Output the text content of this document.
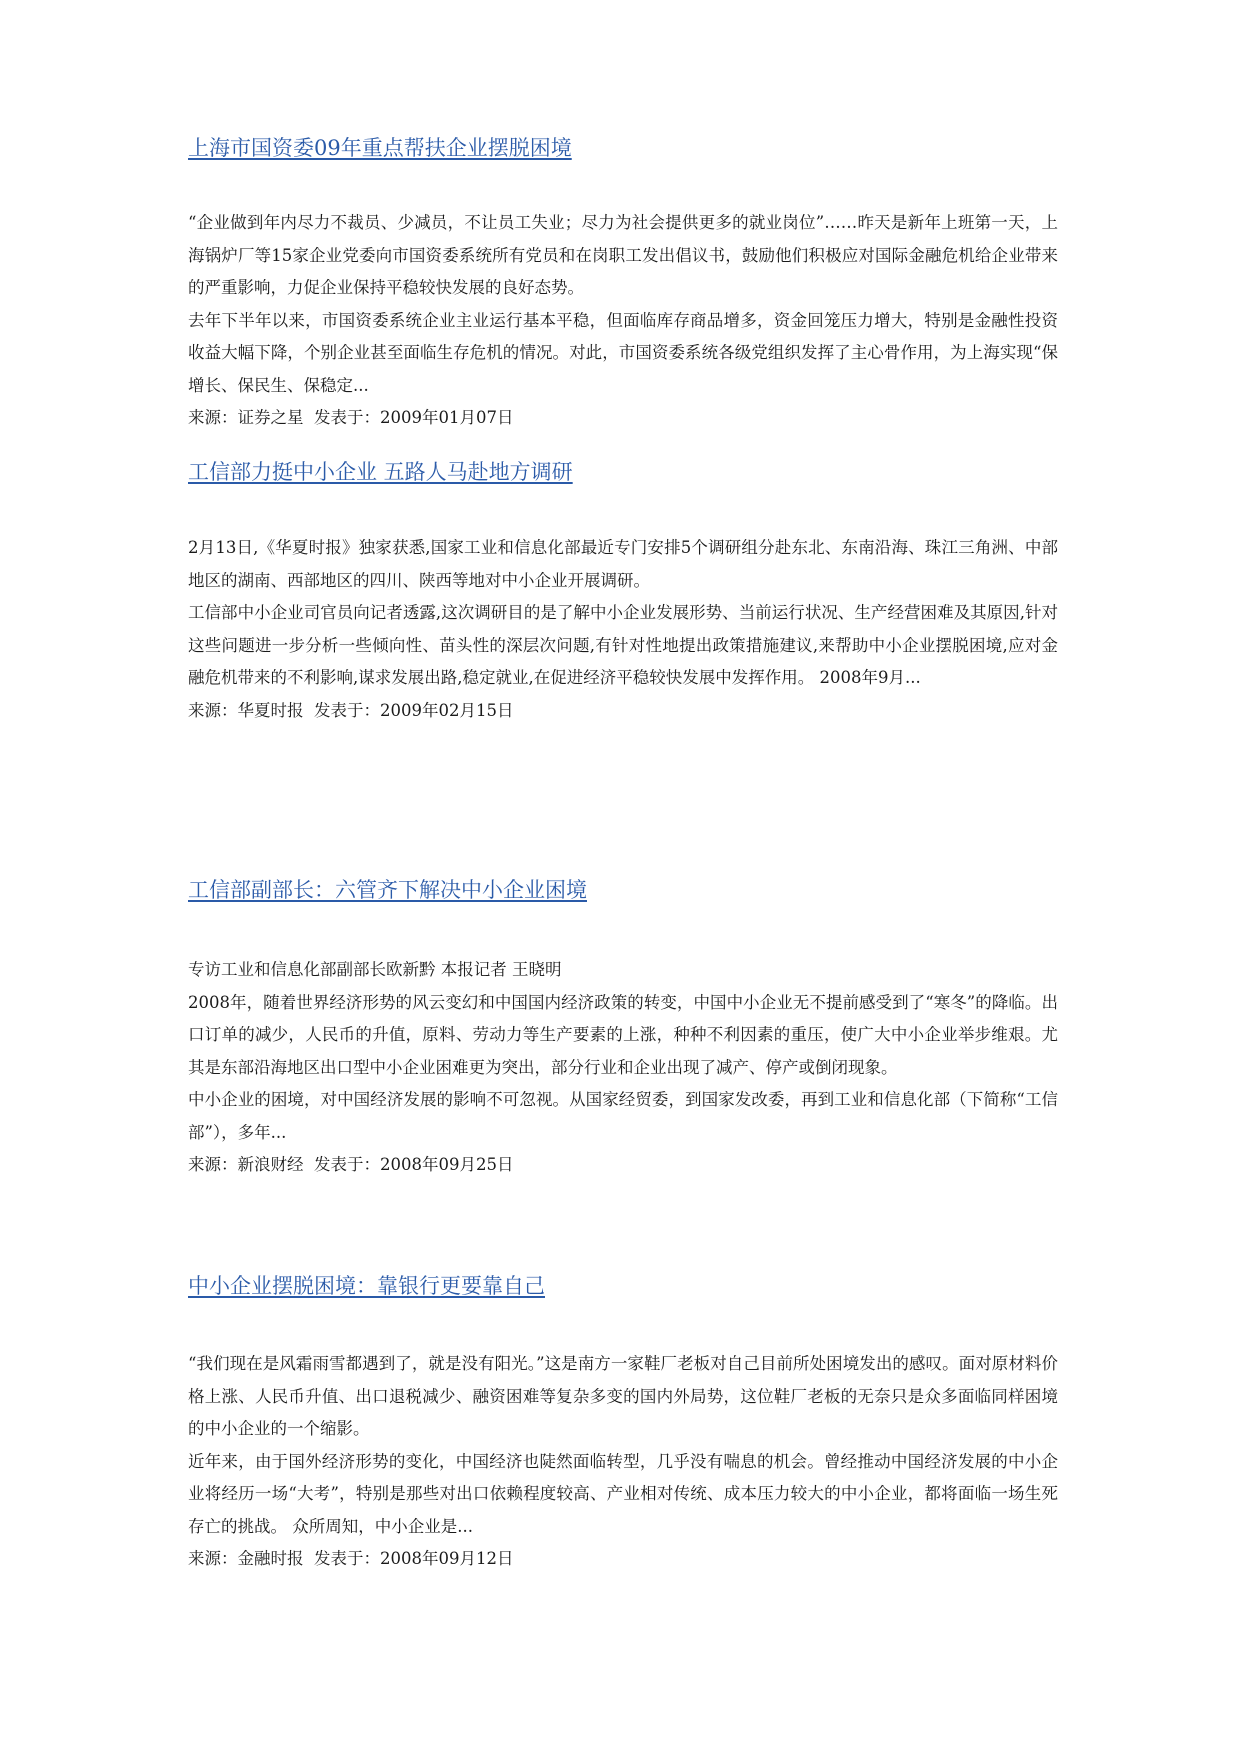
上海市国资委09年重点帮扶企业摆脱困境

“企业做到年内尽力不裁员、少减员，不让员工失业；尽力为社会提供更多的就业岗位”……昨天是新年上班第一天，上海锅炉厂等15家企业党委向市国资委系统所有党员和在岗职工发出倡议书，鼓励他们积极应对国际金融危机给企业带来的严重影响，力促企业保持平稳较快发展的良好态势。

去年下半年以来，市国资委系统企业主业运行基本平稳，但面临库存商品增多，资金回笼压力增大，特别是金融性投资收益大幅下降，个别企业甚至面临生存危机的情况。对此，市国资委系统各级党组织发挥了主心骨作用，为上海实现“保增长、保民生、保稳定...

来源：证券之星  发表于：2009年01月07日

工信部力挺中小企业 五路人马赴地方调研

2月13日,《华夏时报》独家获悉,国家工业和信息化部最近专门安排5个调研组分赴东北、东南沿海、珠江三角洲、中部地区的湖南、西部地区的四川、陕西等地对中小企业开展调研。

工信部中小企业司官员向记者透露,这次调研目的是了解中小企业发展形势、当前运行状况、生产经营困难及其原因,针对这些问题进一步分析一些倾向性、苗头性的深层次问题,有针对性地提出政策措施建议,来帮助中小企业摆脱困境,应对金融危机带来的不利影响,谋求发展出路,稳定就业,在促进经济平稳较快发展中发挥作用。 2008年9月...

来源：华夏时报  发表于：2009年02月15日

工信部副部长：六管齐下解决中小企业困境

专访工业和信息化部副部长欧新黔 本报记者 王晓明

2008年，随着世界经济形势的风云变幻和中国国内经济政策的转变，中国中小企业无不提前感受到了“寒冬”的降临。出口订单的减少，人民币的升值，原料、劳动力等生产要素的上涨，种种不利因素的重压，使广大中小企业举步维艰。尤其是东部沿海地区出口型中小企业困难更为突出，部分行业和企业出现了减产、停产或倒闭现象。

中小企业的困境，对中国经济发展的影响不可忽视。从国家经贸委，到国家发改委，再到工业和信息化部（下简称“工信部”），多年...

来源：新浪财经  发表于：2008年09月25日

中小企业摆脱困境：靠银行更要靠自己

“我们现在是风霜雨雪都遇到了，就是没有阳光。”这是南方一家鞋厂老板对自己目前所处困境发出的感叹。面对原材料价格上涨、人民币升值、出口退税减少、融资困难等复杂多变的国内外局势，这位鞋厂老板的无奈只是众多面临同样困境的中小企业的一个缩影。

近年来，由于国外经济形势的变化，中国经济也陡然面临转型，几乎没有喘息的机会。曾经推动中国经济发展的中小企业将经历一场“大考”，特别是那些对出口依赖程度较高、产业相对传统、成本压力较大的中小企业，都将面临一场生死存亡的挑战。 众所周知，中小企业是...

来源：金融时报  发表于：2008年09月12日
